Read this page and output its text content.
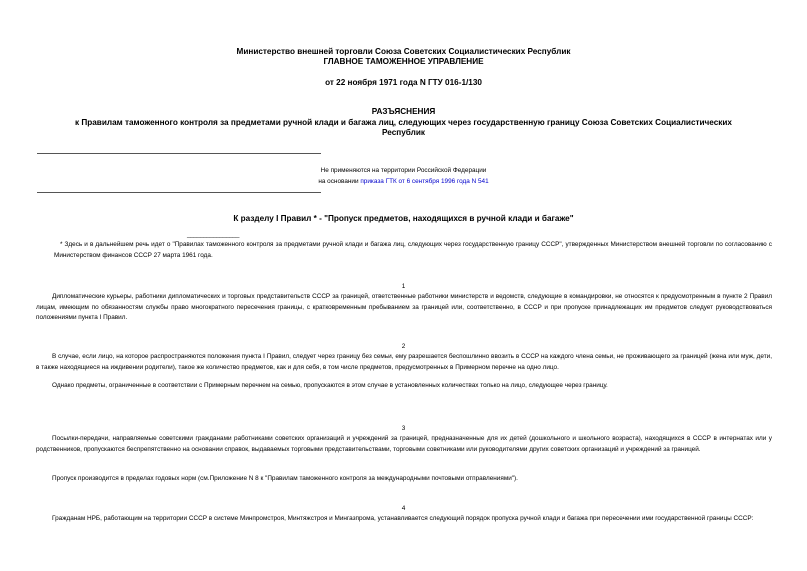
Министерство внешней торговли Союза Советских Социалистических Республик
ГЛАВНОЕ ТАМОЖЕННОЕ УПРАВЛЕНИЕ
от 22 ноября 1971 года N ГТУ 016-1/130
РАЗЪЯСНЕНИЯ
к Правилам таможенного контроля за предметами ручной клади и багажа лиц, следующих через государственную границу Союза Советских Социалистических
Республик
Не применяются на территории Российской Федерации
на основании приказа ГТК от 6 сентября 1996 года N 541
К разделу I Правил * - "Пропуск предметов, находящихся в ручной клади и багаже"
________________
* Здесь и в дальнейшем речь идет о "Правилах таможенного контроля за предметами ручной клади и багажа лиц, следующих через государственную границу СССР", утвержденных Министерством внешней торговли по согласованию с Министерством финансов СССР 27 марта 1961 года.
1
Дипломатические курьеры, работники дипломатических и торговых представительств СССР за границей, ответственные работники министерств и ведомств, следующие в командировки, не относятся к предусмотренным в пункте 2 Правил лицам, имеющим по обязанностям службы право многократного пересечения границы, с кратковременным пребыванием за границей или, соответственно, в СССР и при пропуске принадлежащих им предметов следует руководствоваться положениями пункта I Правил.
2
В случае, если лицо, на которое распространяются положения пункта I Правил, следует через границу без семьи, ему разрешается беспошлинно ввозить в СССР на каждого члена семьи, не проживающего за границей (жена или муж, дети, в также находящиеся на иждивении родители), такое же количество предметов, как и для себя, в том числе предметов, предусмотренных в Примерном перечне на одно лицо.
Однако предметы, ограниченные в соответствии с Примерным перечнем на семью, пропускаются в этом случае в установленных количествах только на лицо, следующее через границу.
3
Посылки-передачи, направляемые советскими гражданами работниками советских организаций и учреждений за границей, предназначенные для их детей (дошкольного и школьного возраста), находящихся в СССР в интернатах или у родственников, пропускаются беспрепятственно на основании справок, выдаваемых торговыми представительствами, торговыми советниками или руководителями других советских организаций и учреждений за границей.
Пропуск производится в пределах годовых норм (см.Приложение N 8 к "Правилам таможенного контроля за международными почтовыми отправлениями").
4
Гражданам НРБ, работающим на территории СССР в системе Минпромстроя, Минтяжстроя и Мингазпрома, устанавливается следующий порядок пропуска ручной клади и багажа при пересечении ими государственной границы СССР:
